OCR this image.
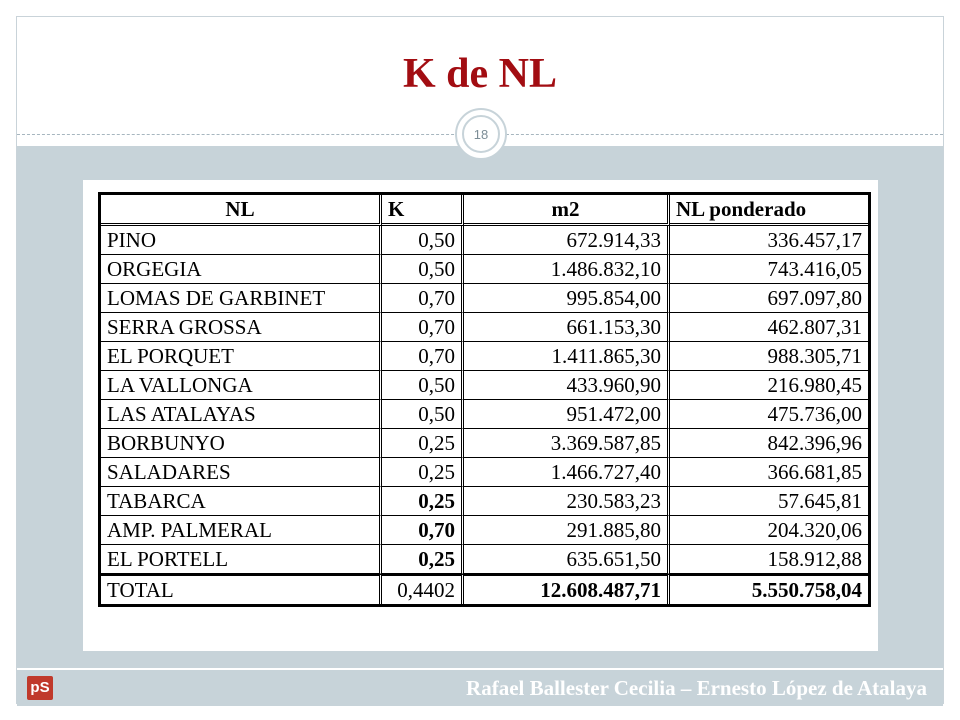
K de NL
18
NL	K	m2	NL ponderado
PINO	0,50	672.914,33	336.457,17
ORGEGIA	0,50	1.486.832,10	743.416,05
LOMAS DE GARBINET	0,70	995.854,00	697.097,80
SERRA GROSSA	0,70	661.153,30	462.807,31
EL PORQUET	0,70	1.411.865,30	988.305,71
LA VALLONGA	0,50	433.960,90	216.980,45
LAS ATALAYAS	0,50	951.472,00	475.736,00
BORBUNYO	0,25	3.369.587,85	842.396,96
SALADARES	0,25	1.466.727,40	366.681,85
TABARCA	0,25	230.583,23	57.645,81
AMP. PALMERAL	0,70	291.885,80	204.320,06
EL PORTELL	0,25	635.651,50	158.912,88
TOTAL	0,4402	12.608.487,71	5.550.758,04
pS	Rafael Ballester Cecilia – Ernesto López de Atalaya
